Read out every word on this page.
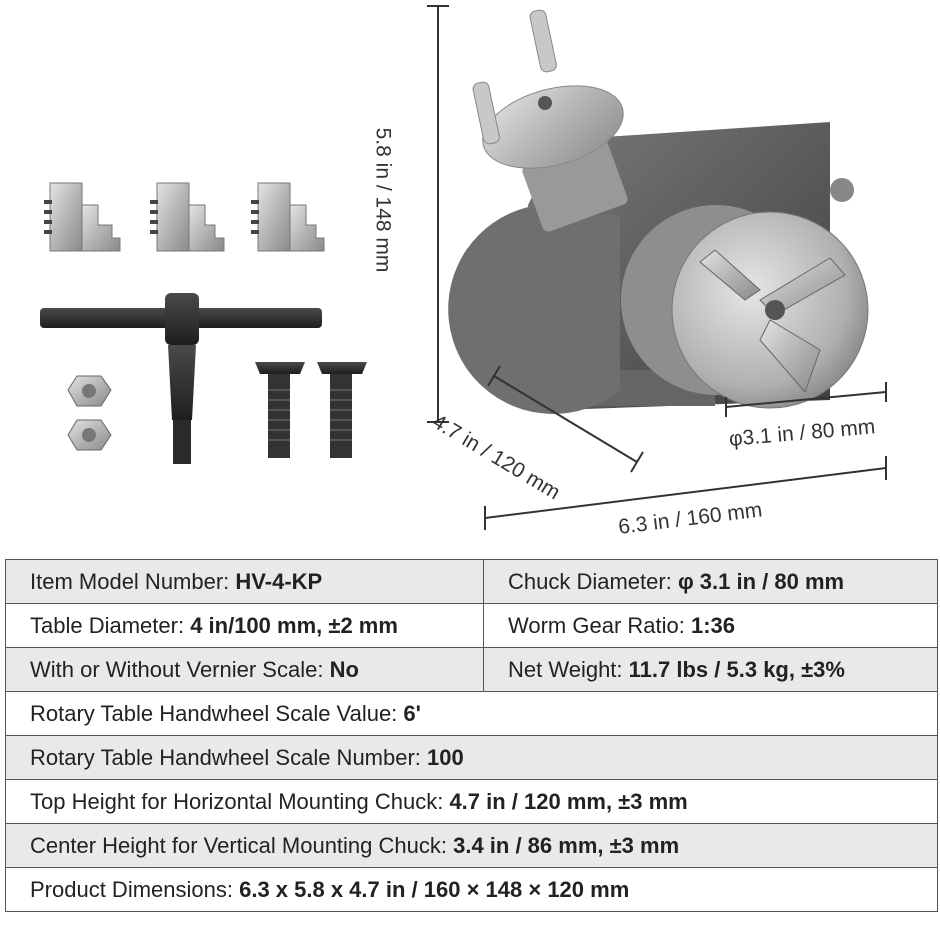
5.8 in / 148 mm
4.7 in / 120 mm	φ3.1 in / 80 mm
6.3 in / 160 mm
Item Model Number: HV-4-KP	Chuck Diameter: φ 3.1 in / 80 mm
Table Diameter: 4 in/100 mm, ±2 mm	Worm Gear Ratio: 1:36
With or Without Vernier Scale: No	Net Weight: 11.7 lbs / 5.3 kg, ±3%
Rotary Table Handwheel Scale Value: 6'	
Rotary Table Handwheel Scale Number: 100	
Top Height for Horizontal Mounting Chuck: 4.7 in / 120 mm, ±3 mm	
Center Height for Vertical Mounting Chuck: 3.4 in / 86 mm, ±3 mm	
Product Dimensions: 6.3 x 5.8 x 4.7 in / 160 × 148 × 120 mm	
